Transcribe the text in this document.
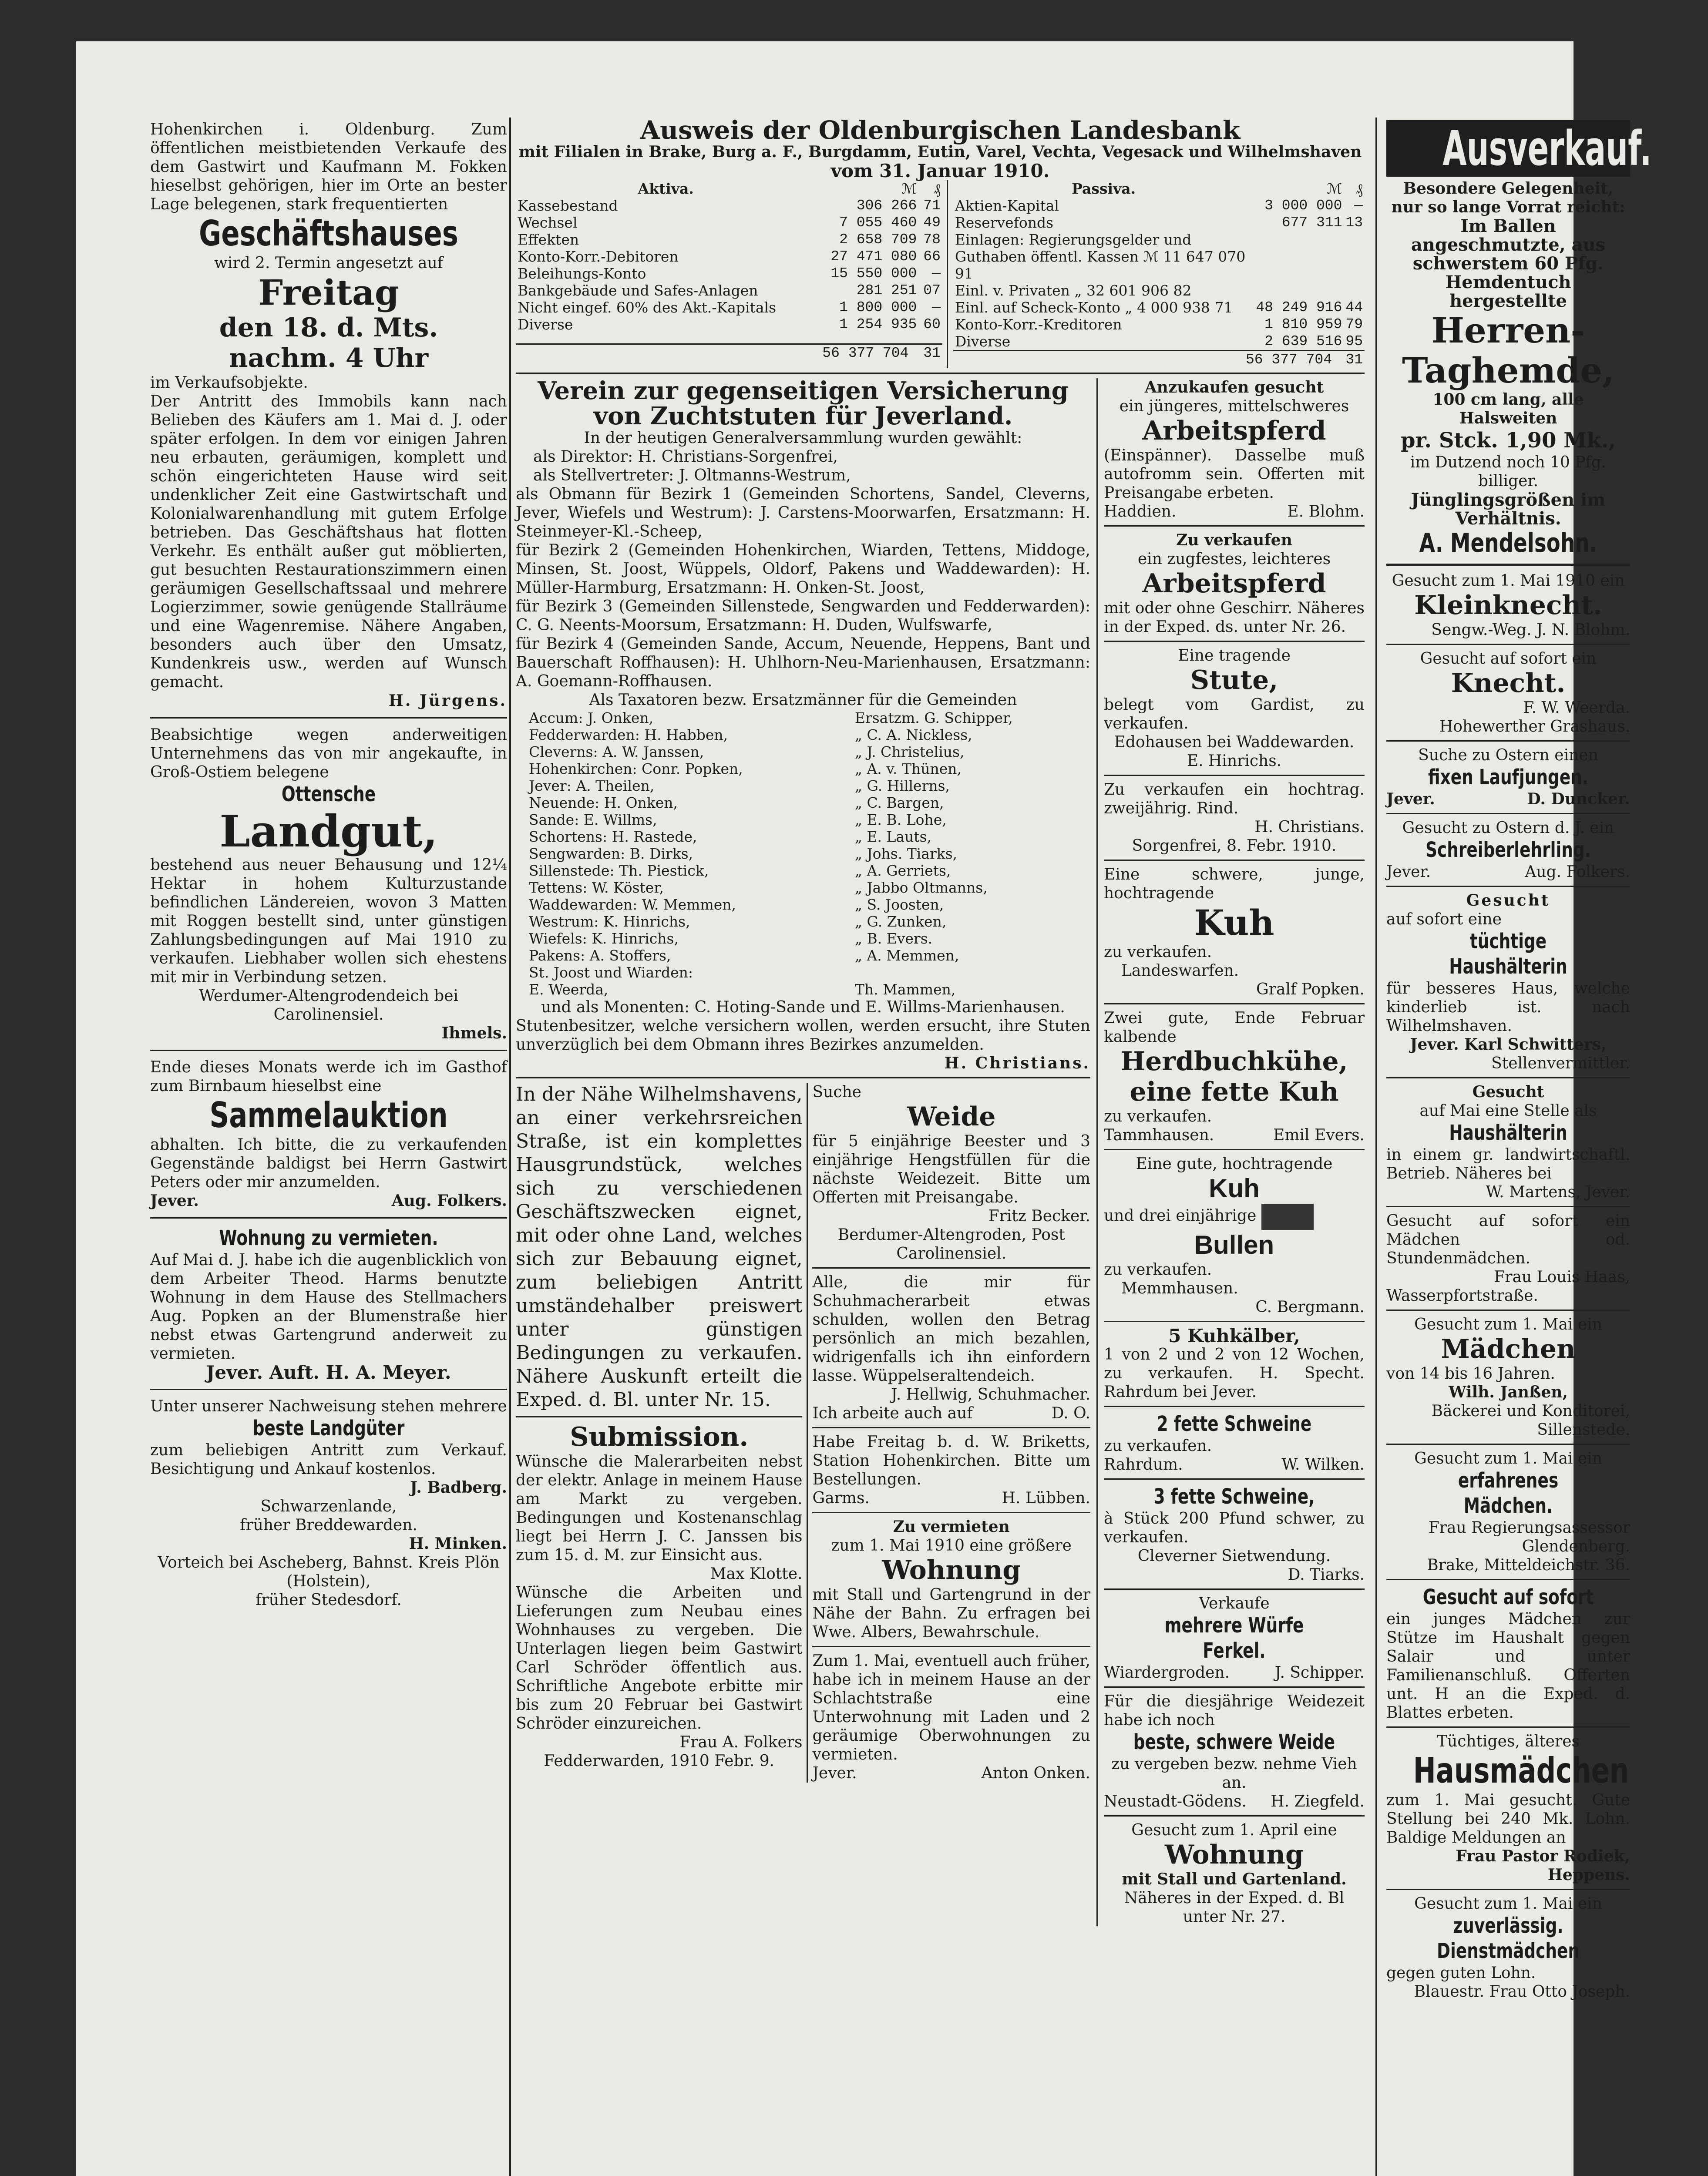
Hohenkirchen i. Oldenburg. Zum öffentlichen meistbietenden Verkaufe des dem Gastwirt und Kaufmann M. Fokken hieselbst gehörigen, hier im Orte an bester Lage belegenen, stark frequentierten

Geschäftshauses

wird 2. Termin angesetzt auf

Freitag
den 18. d. Mts.
nachm. 4 Uhr

im Verkaufsobjekte.

Der Antritt des Immobils kann nach Belieben des Käufers am 1. Mai d. J. oder später erfolgen. In dem vor einigen Jahren neu erbauten, geräumigen, komplett und schön eingerichteten Hause wird seit undenklicher Zeit eine Gastwirtschaft und Kolonialwarenhandlung mit gutem Erfolge betrieben. Das Geschäftshaus hat flotten Verkehr. Es enthält außer gut möblierten, gut besuchten Restaurationszimmern einen geräumigen Gesellschaftssaal und mehrere Logierzimmer, sowie genügende Stallräume und eine Wagenremise. Nähere Angaben, besonders auch über den Umsatz, Kundenkreis usw., werden auf Wunsch gemacht.

H. Jürgens.

Beabsichtige wegen anderweitigen Unternehmens das von mir angekaufte, in Groß-Ostiem belegene

Ottensche
Landgut,

bestehend aus neuer Behausung und 12¼ Hektar in hohem Kulturzustande befindlichen Ländereien, wovon 3 Matten mit Roggen bestellt sind, unter günstigen Zahlungsbedingungen auf Mai 1910 zu verkaufen. Liebhaber wollen sich ehestens mit mir in Verbindung setzen.

Werdumer-Altengrodendeich bei Carolinensiel.

Ihmels.

Ende dieses Monats werde ich im Gasthof zum Birnbaum hieselbst eine

Sammelauktion

abhalten. Ich bitte, die zu verkaufenden Gegenstände baldigst bei Herrn Gastwirt Peters oder mir anzumelden.

Jever.	Aug. Folkers.

Wohnung zu vermieten.

Auf Mai d. J. habe ich die augenblicklich von dem Arbeiter Theod. Harms benutzte Wohnung in dem Hause des Stellmachers Aug. Popken an der Blumenstraße hier nebst etwas Gartengrund anderweit zu vermieten.

Jever. Auft. H. A. Meyer.

Unter unserer Nachweisung stehen mehrere

beste Landgüter

zum beliebigen Antritt zum Verkauf. Besichtigung und Ankauf kostenlos.

J. Badberg.

Schwarzenlande,

früher Breddewarden.

H. Minken.

Vorteich bei Ascheberg, Bahnst. Kreis Plön (Holstein),

früher Stedesdorf.

Ausweis der Oldenburgischen Landesbank

mit Filialen in Brake, Burg a. F., Burgdamm, Eutin, Varel, Vechta, Vegesack und Wilhelmshaven

vom 31. Januar 1910.

Aktiva.	ℳ	₰
Kassebestand	306 266	71
Wechsel	7 055 460	49
Effekten	2 658 709	78
Konto-Korr.-Debitoren	27 471 080	66
Beleihungs-Konto	15 550 000	—
Bankgebäude und Safes-Anlagen	281 251	07
Nicht eingef. 60% des Akt.-Kapitals	1 800 000	—
Diverse	1 254 935	60
	56 377 704	31
Passiva.	ℳ	₰
Aktien-Kapital	3 000 000	—
Reservefonds	677 311	13
Einlagen: Regierungsgelder und Guthaben öffentl. Kassen ℳ 11 647 070 91		
Einl. v. Privaten „ 32 601 906 82		
Einl. auf Scheck-Konto „ 4 000 938 71	48 249 916	44
Konto-Korr.-Kreditoren	1 810 959	79
Diverse	2 639 516	95
	56 377 704	31
Verein zur gegenseitigen Versicherung von Zuchtstuten für Jeverland.

In der heutigen Generalversammlung wurden gewählt:

als Direktor: H. Christians-Sorgenfrei,

als Stellvertreter: J. Oltmanns-Westrum,

als Obmann für Bezirk 1 (Gemeinden Schortens, Sandel, Cleverns, Jever, Wiefels und Westrum): J. Carstens-Moorwarfen, Ersatzmann: H. Steinmeyer-Kl.-Scheep,

für Bezirk 2 (Gemeinden Hohenkirchen, Wiarden, Tettens, Middoge, Minsen, St. Joost, Wüppels, Oldorf, Pakens und Waddewarden): H. Müller-Harmburg, Ersatzmann: H. Onken-St. Joost,

für Bezirk 3 (Gemeinden Sillenstede, Sengwarden und Fedderwarden): C. G. Neents-Moorsum, Ersatzmann: H. Duden, Wulfswarfe,

für Bezirk 4 (Gemeinden Sande, Accum, Neuende, Heppens, Bant und Bauerschaft Roffhausen): H. Uhlhorn-Neu-Marienhausen, Ersatzmann: A. Goemann-Roffhausen.

Als Taxatoren bezw. Ersatzmänner für die Gemeinden

Accum: J. Onken,	Ersatzm. G. Schipper,
Fedderwarden: H. Habben,	„ C. A. Nickless,
Cleverns: A. W. Janssen,	„ J. Christelius,
Hohenkirchen: Conr. Popken,	„ A. v. Thünen,
Jever: A. Theilen,	„ G. Hillerns,
Neuende: H. Onken,	„ C. Bargen,
Sande: E. Willms,	„ E. B. Lohe,
Schortens: H. Rastede,	„ E. Lauts,
Sengwarden: B. Dirks,	„ Johs. Tiarks,
Sillenstede: Th. Piestick,	„ A. Gerriets,
Tettens: W. Köster,	„ Jabbo Oltmanns,
Waddewarden: W. Memmen,	„ S. Joosten,
Westrum: K. Hinrichs,	„ G. Zunken,
Wiefels: K. Hinrichs,	„ B. Evers.
Pakens: A. Stoffers,	„ A. Memmen,
St. Joost und Wiarden:	
E. Weerda,	Th. Mammen,

und als Monenten: C. Hoting-Sande und E. Willms-Marienhausen.

Stutenbesitzer, welche versichern wollen, werden ersucht, ihre Stuten unverzüglich bei dem Obmann ihres Bezirkes anzumelden.

H. Christians.

In der Nähe Wilhelmshavens, an einer verkehrsreichen Straße, ist ein komplettes Hausgrundstück, welches sich zu verschiedenen Geschäftszwecken eignet, mit oder ohne Land, welches sich zur Bebauung eignet, zum beliebigen Antritt umständehalber preiswert unter günstigen Bedingungen zu verkaufen. Nähere Auskunft erteilt die Exped. d. Bl. unter Nr. 15.

Submission.

Wünsche die Malerarbeiten nebst der elektr. Anlage in meinem Hause am Markt zu vergeben. Bedingungen und Kostenanschlag liegt bei Herrn J. C. Janssen bis zum 15. d. M. zur Einsicht aus.

Max Klotte.

Wünsche die Arbeiten und Lieferungen zum Neubau eines Wohnhauses zu vergeben. Die Unterlagen liegen beim Gastwirt Carl Schröder öffentlich aus. Schriftliche Angebote erbitte mir bis zum 20 Februar bei Gastwirt Schröder einzureichen.

Frau A. Folkers

Fedderwarden, 1910 Febr. 9.

Suche

Weide

für 5 einjährige Beester und 3 einjährige Hengstfüllen für die nächste Weidezeit. Bitte um Offerten mit Preisangabe.

Fritz Becker.

Berdumer-Altengroden, Post Carolinensiel.

Alle, die mir für Schuhmacherarbeit etwas schulden, wollen den Betrag persönlich an mich bezahlen, widrigenfalls ich ihn einfordern lasse. Wüppelseraltendeich.

J. Hellwig, Schuhmacher.

Ich arbeite auch auf	D. O.

Habe Freitag b. d. W. Briketts, Station Hohenkirchen. Bitte um Bestellungen.

Garms.	H. Lübben.

Zu vermieten

zum 1. Mai 1910 eine größere

Wohnung

mit Stall und Gartengrund in der Nähe der Bahn. Zu erfragen bei Wwe. Albers, Bewahrschule.

Zum 1. Mai, eventuell auch früher, habe ich in meinem Hause an der Schlachtstraße eine Unterwohnung mit Laden und 2 geräumige Oberwohnungen zu vermieten.

Jever.	Anton Onken.

Anzukaufen gesucht

ein jüngeres, mittelschweres

Arbeitspferd

(Einspänner). Dasselbe muß autofromm sein. Offerten mit Preisangabe erbeten.

Haddien.	E. Blohm.

Zu verkaufen

ein zugfestes, leichteres

Arbeitspferd

mit oder ohne Geschirr. Näheres in der Exped. ds. unter Nr. 26.

Eine tragende

Stute,

belegt vom Gardist, zu verkaufen.

Edohausen bei Waddewarden. E. Hinrichs.

Zu verkaufen ein hochtrag. zweijährig. Rind.

H. Christians.

Sorgenfrei, 8. Febr. 1910.

Eine schwere, junge, hochtragende

Kuh

zu verkaufen.

Landeswarfen.

Gralf Popken.

Zwei gute, Ende Februar kalbende

Herdbuchkühe,
eine fette Kuh

zu verkaufen.

Tammhausen.	Emil Evers.

Eine gute, hochtragende

Kuh

und drei einjährige

Bullen

zu verkaufen.

Memmhausen.

C. Bergmann.

5 Kuhkälber,

1 von 2 und 2 von 12 Wochen, zu verkaufen. H. Specht. Rahrdum bei Jever.

2 fette Schweine

zu verkaufen.

Rahrdum.	W. Wilken.

3 fette Schweine,

à Stück 200 Pfund schwer, zu verkaufen.

Cleverner Sietwendung.

D. Tiarks.

Verkaufe

mehrere Würfe Ferkel.

Wiardergroden.	J. Schipper.

Für die diesjährige Weidezeit habe ich noch

beste, schwere Weide

zu vergeben bezw. nehme Vieh an.

Neustadt-Gödens. H. Ziegfeld.

Gesucht zum 1. April eine

Wohnung

mit Stall und Gartenland.

Näheres in der Exped. d. Bl unter Nr. 27.

Ausverkauf.

Besondere Gelegenheit, nur so lange Vorrat reicht:

Im Ballen angeschmutzte, aus schwerstem 60 Pfg. Hemdentuch hergestellte

Herren-
Taghemde,

100 cm lang, alle Halsweiten

pr. Stck. 1,90 Mk.,

im Dutzend noch 10 Pfg. billiger.

Jünglingsgrößen im Verhältnis.

A. Mendelsohn.

Gesucht zum 1. Mai 1910 ein

Kleinknecht.

Sengw.-Weg. J. N. Blohm.

Gesucht auf sofort ein

Knecht.

F. W. Weerda.

Hohewerther Grashaus.

Suche zu Ostern einen

fixen Laufjungen.

Jever.	D. Duncker.

Gesucht zu Ostern d. J. ein

Schreiberlehrling.

Jever.	Aug. Folkers.

Gesucht

auf sofort eine

tüchtige Haushälterin

für besseres Haus, welche kinderlieb ist. nach Wilhelmshaven.

Jever. Karl Schwitters,

Stellenvermittler.

Gesucht

auf Mai eine Stelle als

Haushälterin

in einem gr. landwirtschaftl. Betrieb. Näheres bei

W. Martens, Jever.

Gesucht auf sofort ein Mädchen od. Stundenmädchen.

Frau Louis Haas,

Wasserpfortstraße.

Gesucht zum 1. Mai ein

Mädchen

von 14 bis 16 Jahren.

Wilh. Janßen,

Bäckerei und Konditorei, Sillenstede.

Gesucht zum 1. Mai ein

erfahrenes Mädchen.

Frau Regierungsassessor Glendenberg.

Brake, Mitteldeichstr. 36.

Gesucht auf sofort

ein junges Mädchen zur Stütze im Haushalt gegen Salair und unter Familienanschluß. Offerten unt. H an die Exped. d. Blattes erbeten.

Tüchtiges, älteres

Hausmädchen

zum 1. Mai gesucht. Gute Stellung bei 240 Mk. Lohn. Baldige Meldungen an

Frau Pastor Rodiek, Heppens.

Gesucht zum 1. Mai ein

zuverlässig. Dienstmädchen

gegen guten Lohn.

Blauestr. Frau Otto Joseph.
